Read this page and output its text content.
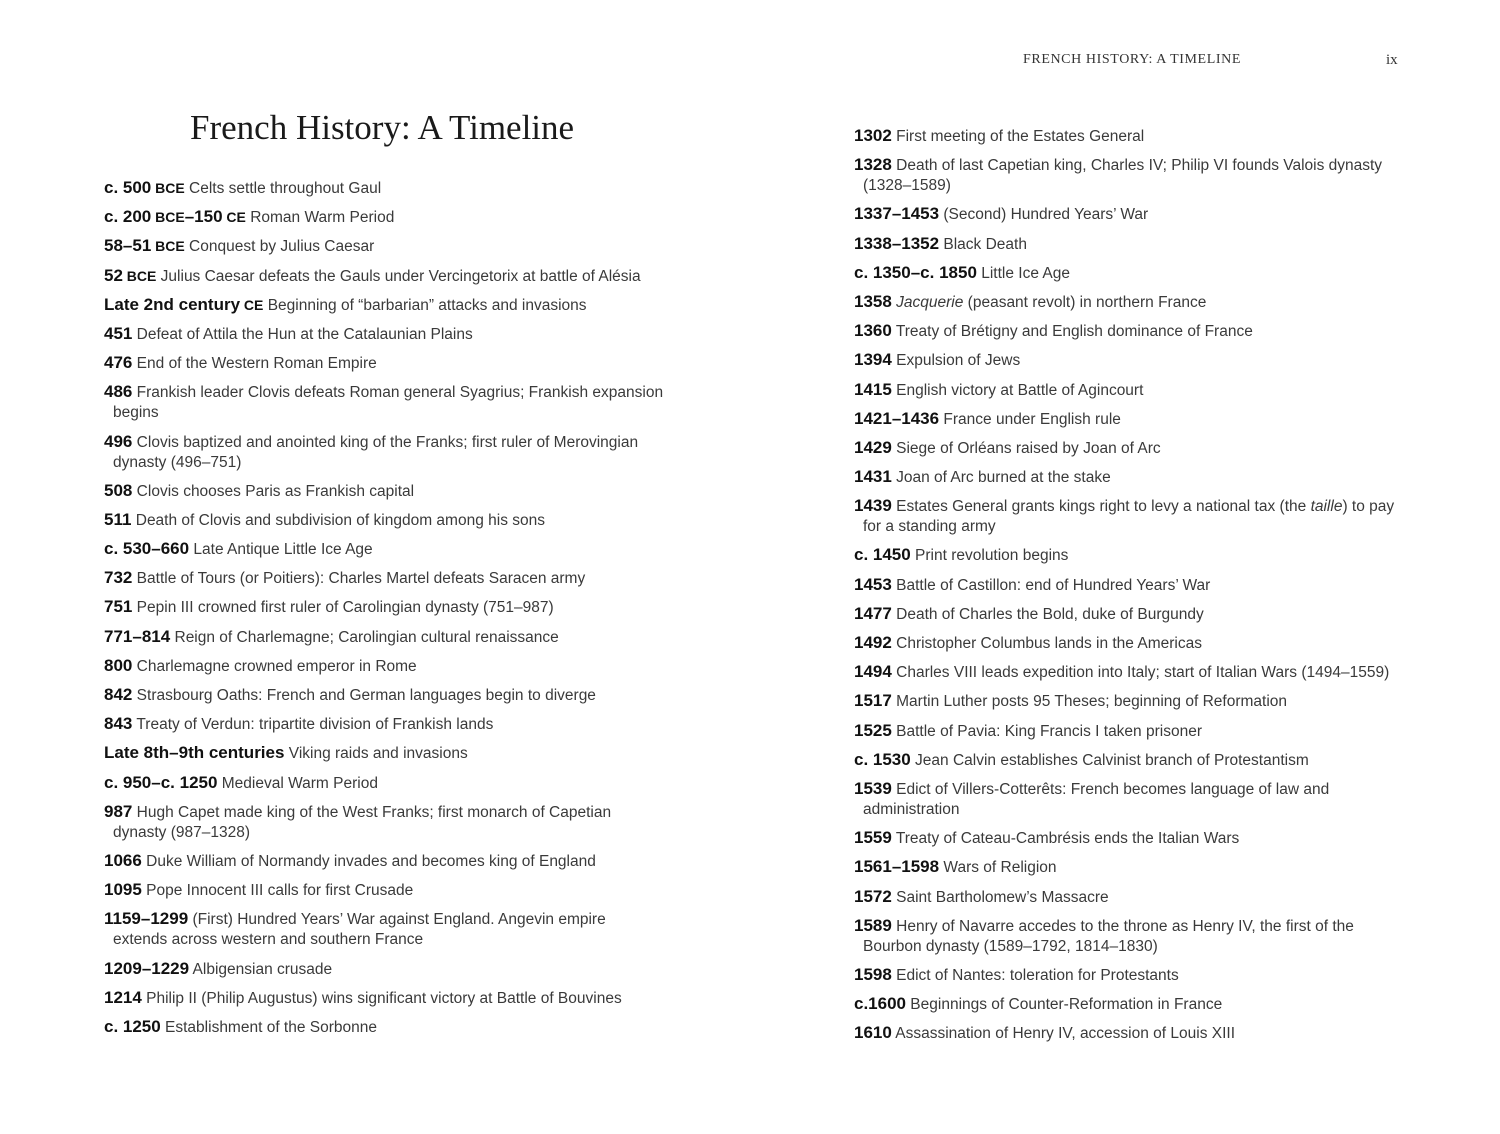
FRENCH HISTORY: A TIMELINE	ix
French History: A Timeline

c. 500 BCE Celts settle throughout Gaul

c. 200 BCE–150 CE Roman Warm Period

58–51 BCE Conquest by Julius Caesar

52 BCE Julius Caesar defeats the Gauls under Vercingetorix at battle of Alésia

Late 2nd century CE Beginning of “barbarian” attacks and invasions

451 Defeat of Attila the Hun at the Catalaunian Plains

476 End of the Western Roman Empire

486 Frankish leader Clovis defeats Roman general Syagrius; Frankish expansion begins

496 Clovis baptized and anointed king of the Franks; first ruler of Merovingian dynasty (496–751)

508 Clovis chooses Paris as Frankish capital

511 Death of Clovis and subdivision of kingdom among his sons

c. 530–660 Late Antique Little Ice Age

732 Battle of Tours (or Poitiers): Charles Martel defeats Saracen army

751 Pepin III crowned first ruler of Carolingian dynasty (751–987)

771–814 Reign of Charlemagne; Carolingian cultural renaissance

800 Charlemagne crowned emperor in Rome

842 Strasbourg Oaths: French and German languages begin to diverge

843 Treaty of Verdun: tripartite division of Frankish lands

Late 8th–9th centuries Viking raids and invasions

c. 950–c. 1250 Medieval Warm Period

987 Hugh Capet made king of the West Franks; first monarch of Capetian dynasty (987–1328)

1066 Duke William of Normandy invades and becomes king of England

1095 Pope Innocent III calls for first Crusade

1159–1299 (First) Hundred Years’ War against England. Angevin empire extends across western and southern France

1209–1229 Albigensian crusade

1214 Philip II (Philip Augustus) wins significant victory at Battle of Bouvines

c. 1250 Establishment of the Sorbonne

1302 First meeting of the Estates General

1328 Death of last Capetian king, Charles IV; Philip VI founds Valois dynasty (1328–1589)

1337–1453 (Second) Hundred Years’ War

1338–1352 Black Death

c. 1350–c. 1850 Little Ice Age

1358 Jacquerie (peasant revolt) in northern France

1360 Treaty of Brétigny and English dominance of France

1394 Expulsion of Jews

1415 English victory at Battle of Agincourt

1421–1436 France under English rule

1429 Siege of Orléans raised by Joan of Arc

1431 Joan of Arc burned at the stake

1439 Estates General grants kings right to levy a national tax (the taille) to pay for a standing army

c. 1450 Print revolution begins

1453 Battle of Castillon: end of Hundred Years’ War

1477 Death of Charles the Bold, duke of Burgundy

1492 Christopher Columbus lands in the Americas

1494 Charles VIII leads expedition into Italy; start of Italian Wars (1494–1559)

1517 Martin Luther posts 95 Theses; beginning of Reformation

1525 Battle of Pavia: King Francis I taken prisoner

c. 1530 Jean Calvin establishes Calvinist branch of Protestantism

1539 Edict of Villers-Cotterêts: French becomes language of law and administration

1559 Treaty of Cateau-Cambrésis ends the Italian Wars

1561–1598 Wars of Religion

1572 Saint Bartholomew’s Massacre

1589 Henry of Navarre accedes to the throne as Henry IV, the first of the Bourbon dynasty (1589–1792, 1814–1830)

1598 Edict of Nantes: toleration for Protestants

c.1600 Beginnings of Counter-Reformation in France

1610 Assassination of Henry IV, accession of Louis XIII
